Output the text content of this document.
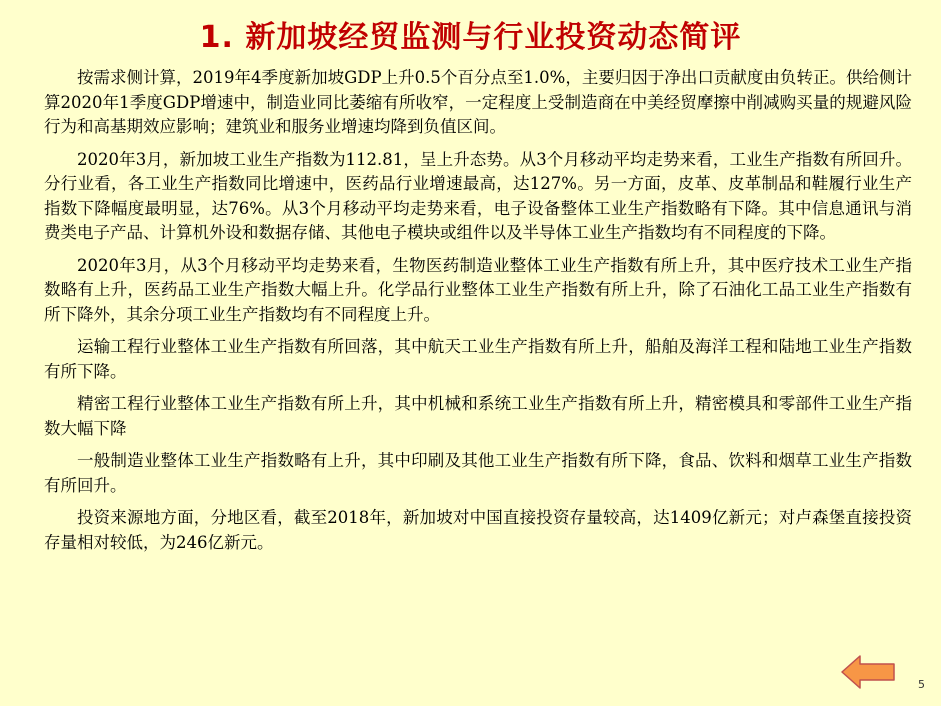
1. 新加坡经贸监测与行业投资动态简评

按需求侧计算，2019年4季度新加坡GDP上升0.5个百分点至1.0%，主要归因于净出口贡献度由负转正。供给侧计算2020年1季度GDP增速中，制造业同比萎缩有所收窄，一定程度上受制造商在中美经贸摩擦中削减购买量的规避风险行为和高基期效应影响；建筑业和服务业增速均降到负值区间。

2020年3月，新加坡工业生产指数为112.81，呈上升态势。从3个月移动平均走势来看，工业生产指数有所回升。分行业看，各工业生产指数同比增速中，医药品行业增速最高，达127%。另一方面，皮革、皮革制品和鞋履行业生产指数下降幅度最明显，达76%。从3个月移动平均走势来看，电子设备整体工业生产指数略有下降。其中信息通讯与消费类电子产品、计算机外设和数据存储、其他电子模块或组件以及半导体工业生产指数均有不同程度的下降。

2020年3月，从3个月移动平均走势来看，生物医药制造业整体工业生产指数有所上升，其中医疗技术工业生产指数略有上升，医药品工业生产指数大幅上升。化学品行业整体工业生产指数有所上升，除了石油化工品工业生产指数有所下降外，其余分项工业生产指数均有不同程度上升。

运输工程行业整体工业生产指数有所回落，其中航天工业生产指数有所上升，船舶及海洋工程和陆地工业生产指数有所下降。

精密工程行业整体工业生产指数有所上升，其中机械和系统工业生产指数有所上升，精密模具和零部件工业生产指数大幅下降

一般制造业整体工业生产指数略有上升，其中印刷及其他工业生产指数有所下降，食品、饮料和烟草工业生产指数有所回升。

投资来源地方面，分地区看，截至2018年，新加坡对中国直接投资存量较高，达1409亿新元；对卢森堡直接投资存量相对较低，为246亿新元。

5
